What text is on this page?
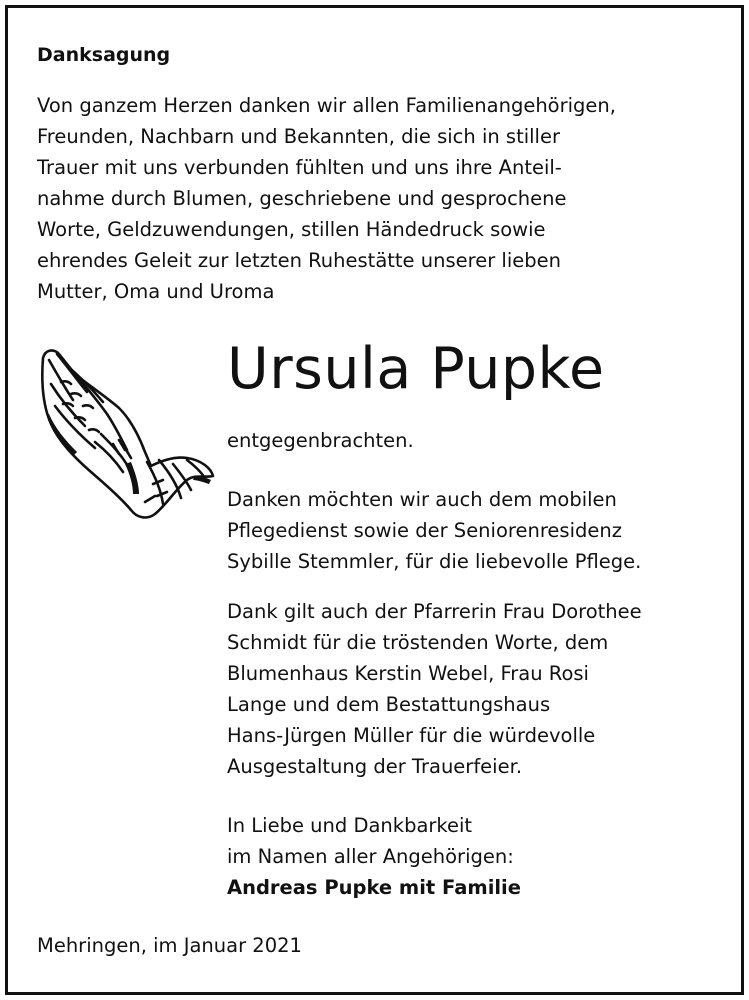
Danksagung
Von ganzem Herzen danken wir allen Familienangehörigen,
Freunden, Nachbarn und Bekannten, die sich in stiller
Trauer mit uns verbunden fühlten und uns ihre Anteil-
nahme durch Blumen, geschriebene und gesprochene
Worte, Geldzuwendungen, stillen Händedruck sowie
ehrendes Geleit zur letzten Ruhestätte unserer lieben
Mutter, Oma und Uroma
Ursula Pupke
entgegenbrachten.
Danken möchten wir auch dem mobilen
Pflegedienst sowie der Seniorenresidenz
Sybille Stemmler, für die liebevolle Pflege.
Dank gilt auch der Pfarrerin Frau Dorothee
Schmidt für die tröstenden Worte, dem
Blumenhaus Kerstin Webel, Frau Rosi
Lange und dem Bestattungshaus
Hans-Jürgen Müller für die würdevolle
Ausgestaltung der Trauerfeier.
In Liebe und Dankbarkeit
im Namen aller Angehörigen:
Andreas Pupke mit Familie
Mehringen, im Januar 2021
